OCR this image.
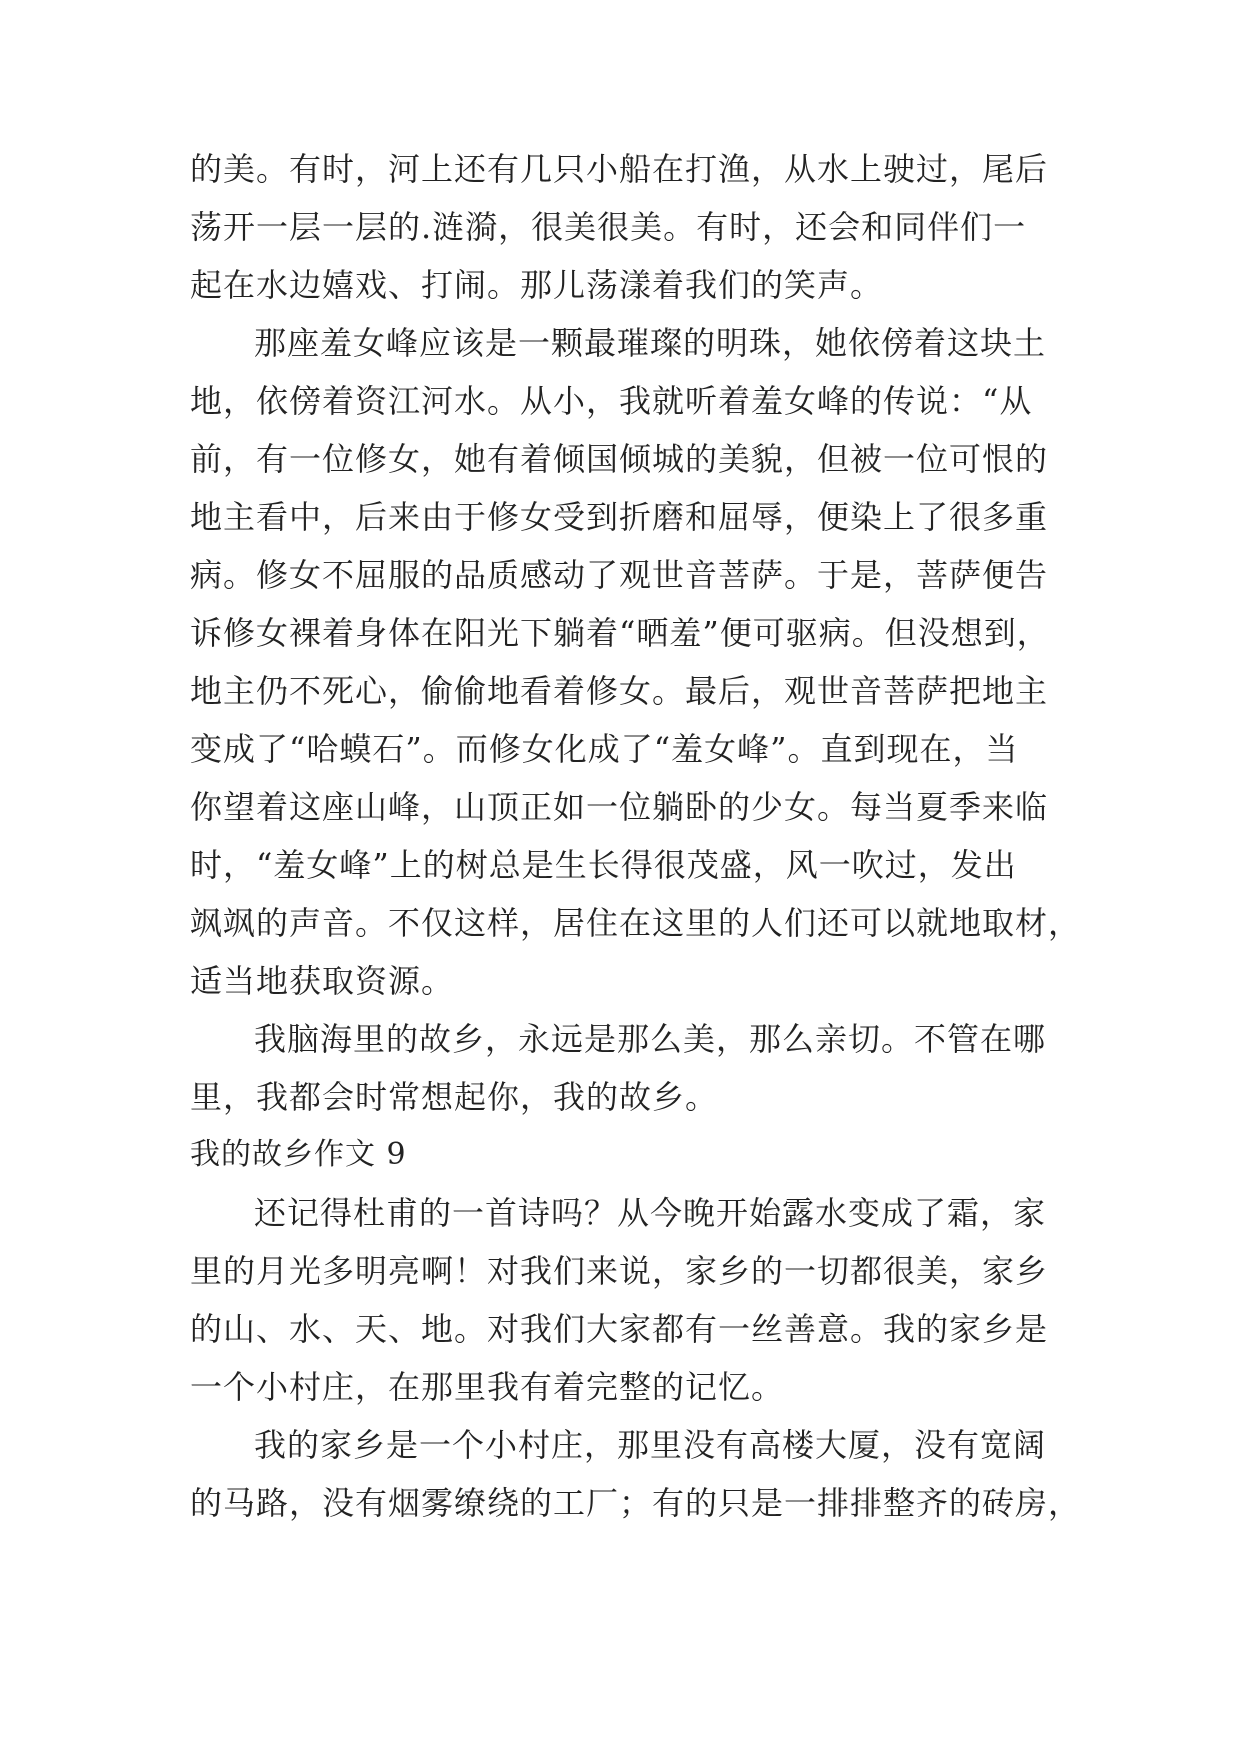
的美。有时，河上还有几只小船在打渔，从水上驶过，尾后
荡开一层一层的.涟漪，很美很美。有时，还会和同伴们一
起在水边嬉戏、打闹。那儿荡漾着我们的笑声。
那座羞女峰应该是一颗最璀璨的明珠，她依傍着这块土
地，依傍着资江河水。从小，我就听着羞女峰的传说：“从
前，有一位修女，她有着倾国倾城的美貌，但被一位可恨的
地主看中，后来由于修女受到折磨和屈辱，便染上了很多重
病。修女不屈服的品质感动了观世音菩萨。于是，菩萨便告
诉修女裸着身体在阳光下躺着“晒羞”便可驱病。但没想到，
地主仍不死心，偷偷地看着修女。最后，观世音菩萨把地主
变成了“哈蟆石”。而修女化成了“羞女峰”。直到现在，当
你望着这座山峰，山顶正如一位躺卧的少女。每当夏季来临
时，“羞女峰”上的树总是生长得很茂盛，风一吹过，发出
飒飒的声音。不仅这样，居住在这里的人们还可以就地取材，
适当地获取资源。
我脑海里的故乡，永远是那么美，那么亲切。不管在哪
里，我都会时常想起你，我的故乡。
我的故乡作文 9
还记得杜甫的一首诗吗？从今晚开始露水变成了霜，家
里的月光多明亮啊！对我们来说，家乡的一切都很美，家乡
的山、水、天、地。对我们大家都有一丝善意。我的家乡是
一个小村庄，在那里我有着完整的记忆。
我的家乡是一个小村庄，那里没有高楼大厦，没有宽阔
的马路，没有烟雾缭绕的工厂；有的只是一排排整齐的砖房，
